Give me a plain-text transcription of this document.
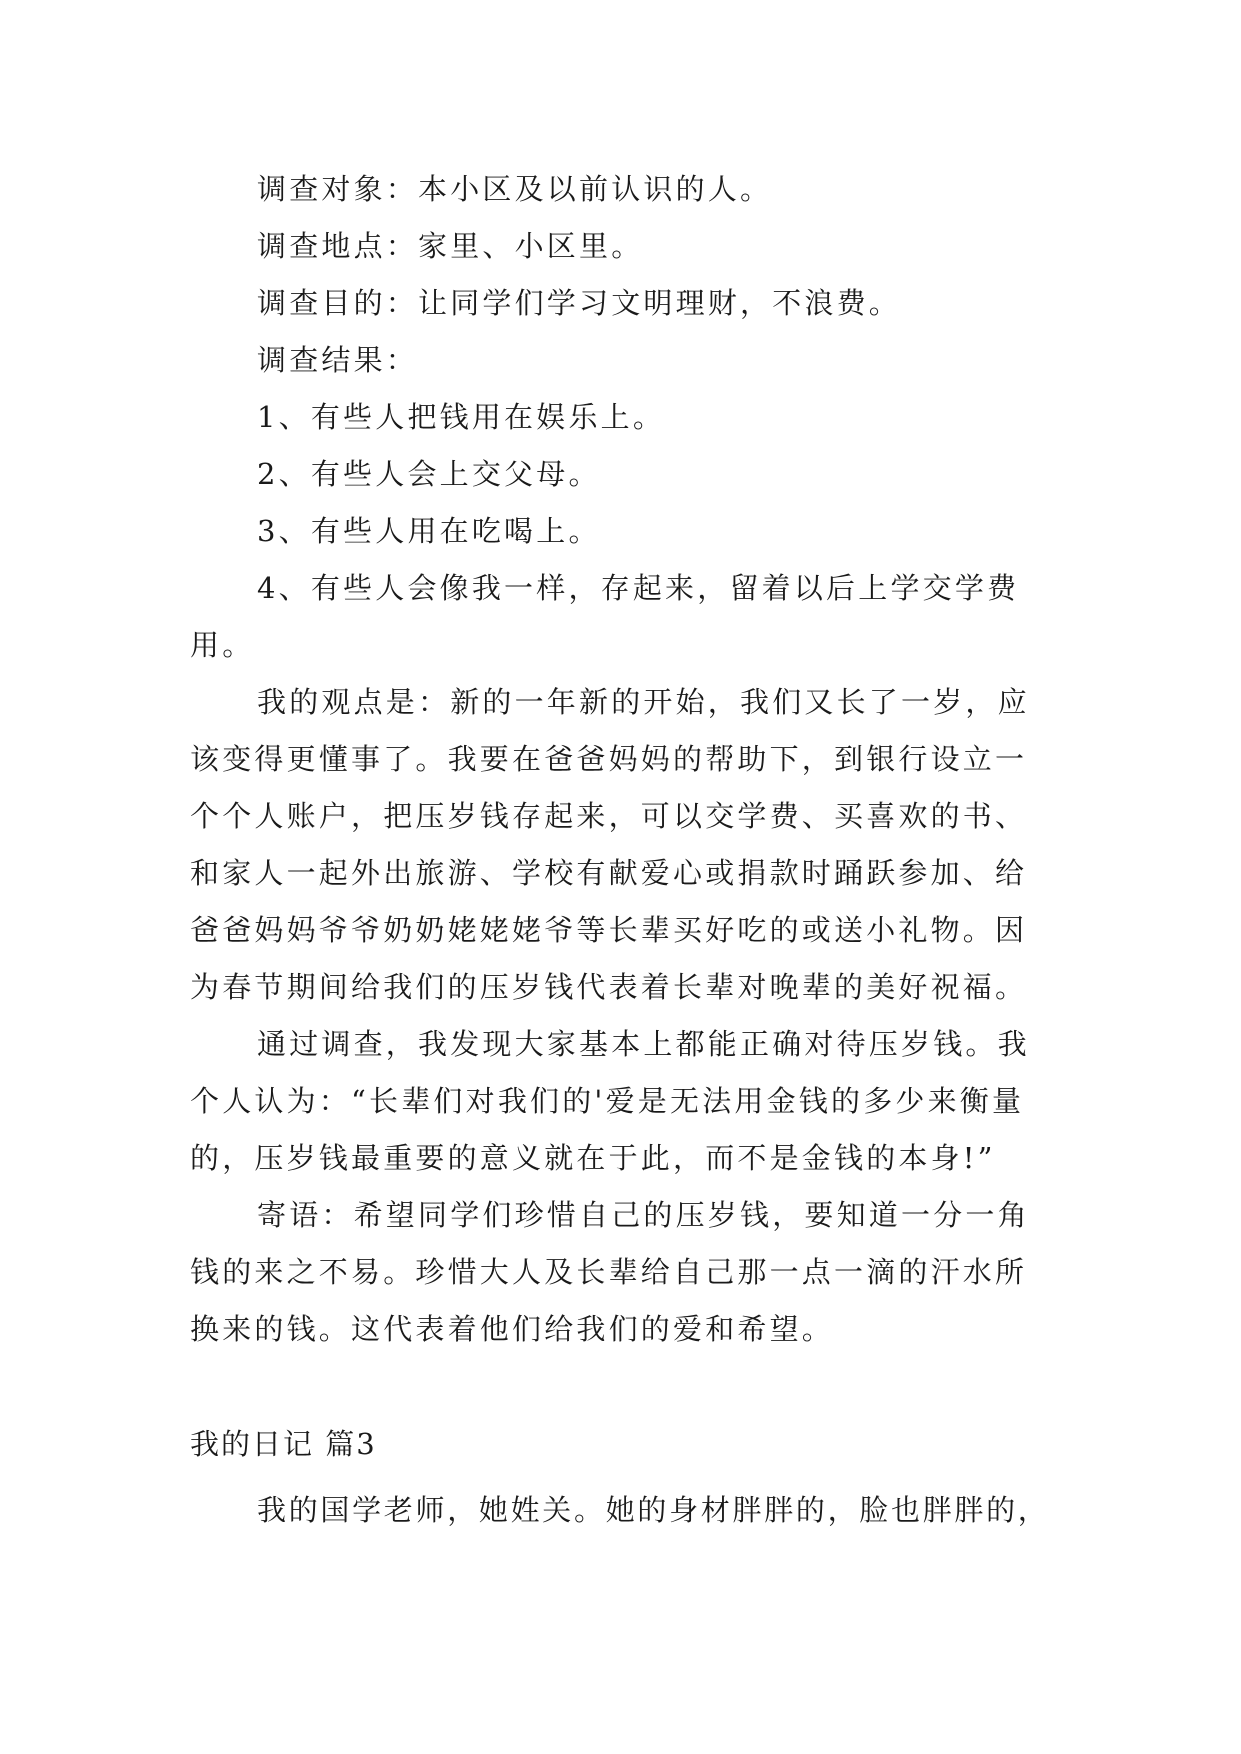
调查对象：本小区及以前认识的人。
调查地点：家里、小区里。
调查目的：让同学们学习文明理财，不浪费。
调查结果：
1、有些人把钱用在娱乐上。
2、有些人会上交父母。
3、有些人用在吃喝上。
4、有些人会像我一样，存起来，留着以后上学交学费
用。
我的观点是：新的一年新的开始，我们又长了一岁，应
该变得更懂事了。我要在爸爸妈妈的帮助下，到银行设立一
个个人账户，把压岁钱存起来，可以交学费、买喜欢的书、
和家人一起外出旅游、学校有献爱心或捐款时踊跃参加、给
爸爸妈妈爷爷奶奶姥姥姥爷等长辈买好吃的或送小礼物。因
为春节期间给我们的压岁钱代表着长辈对晚辈的美好祝福。
通过调查，我发现大家基本上都能正确对待压岁钱。我
个人认为：“长辈们对我们的'爱是无法用金钱的多少来衡量
的，压岁钱最重要的意义就在于此，而不是金钱的本身!”
寄语：希望同学们珍惜自己的压岁钱，要知道一分一角
钱的来之不易。珍惜大人及长辈给自己那一点一滴的汗水所
换来的钱。这代表着他们给我们的爱和希望。
我的日记 篇3
我的国学老师，她姓关。她的身材胖胖的，脸也胖胖的，
